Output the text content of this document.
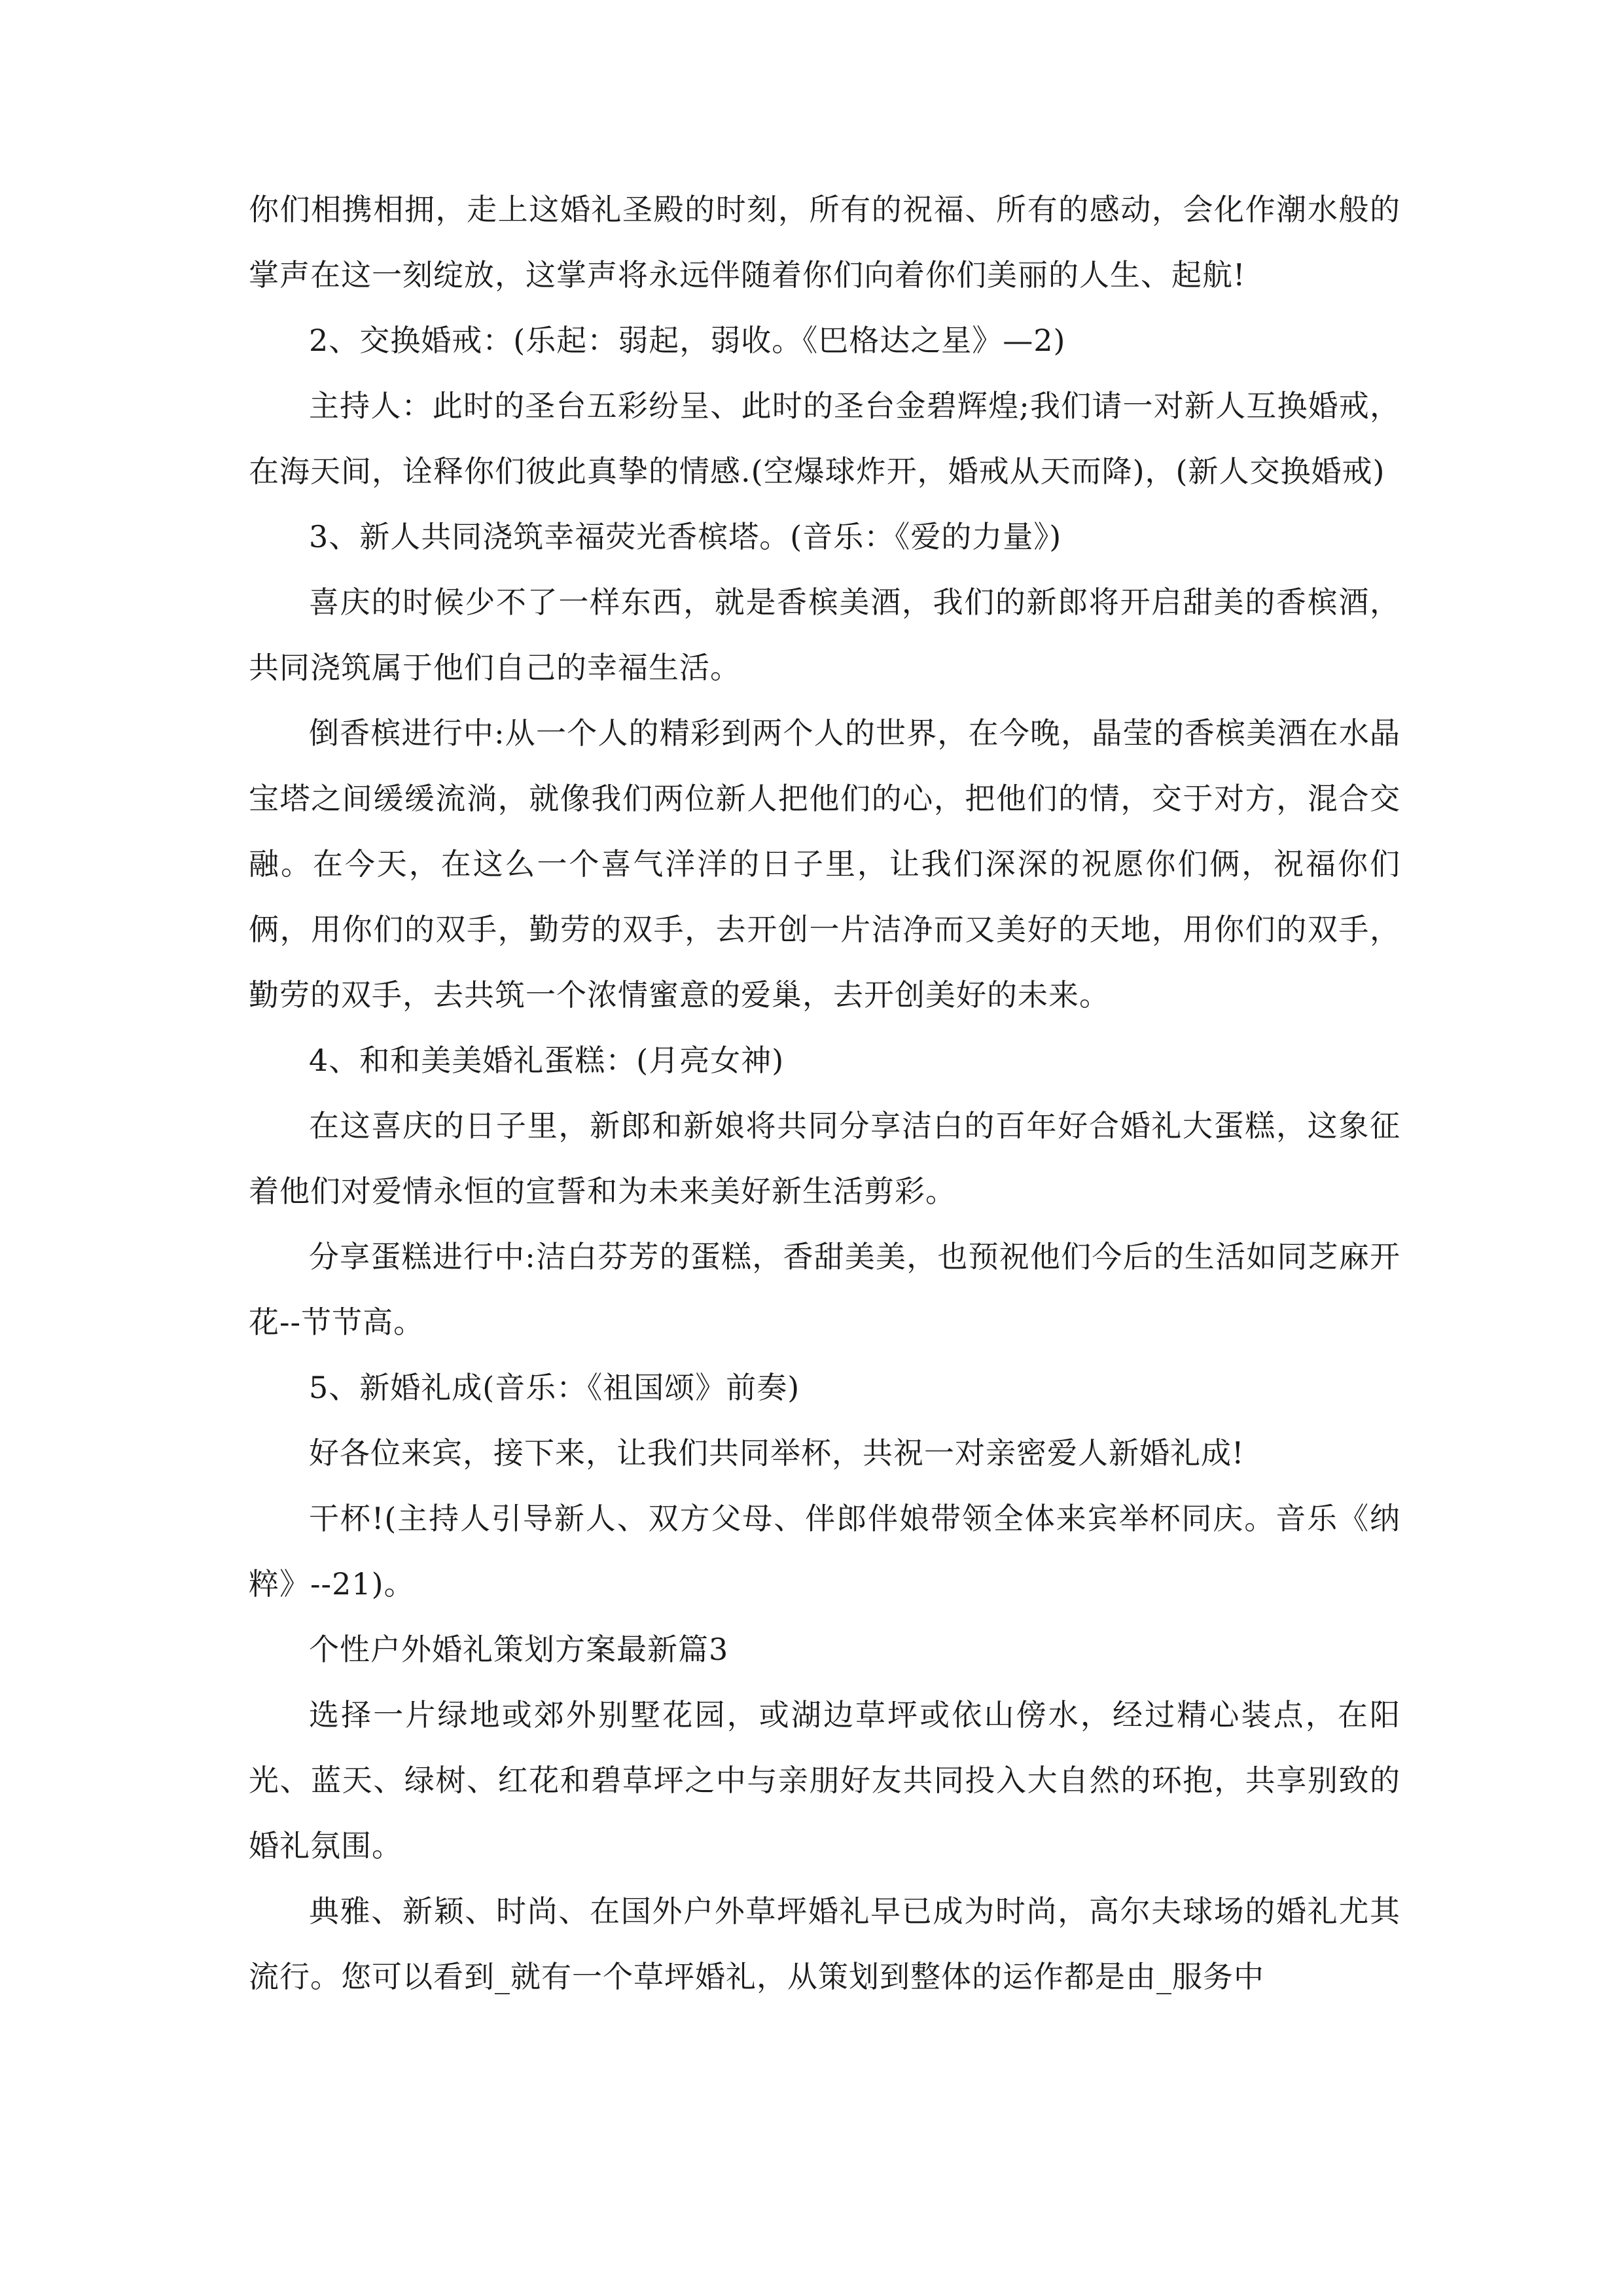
你们相携相拥，走上这婚礼圣殿的时刻，所有的祝福、所有的感动，会化作潮水般的掌声在这一刻绽放，这掌声将永远伴随着你们向着你们美丽的人生、起航!

2、交换婚戒：(乐起：弱起，弱收。《巴格达之星》—2)

主持人：此时的圣台五彩纷呈、此时的圣台金碧辉煌;我们请一对新人互换婚戒，在海天间，诠释你们彼此真挚的情感.(空爆球炸开，婚戒从天而降)，(新人交换婚戒)

3、新人共同浇筑幸福荧光香槟塔。(音乐：《爱的力量》)

喜庆的时候少不了一样东西，就是香槟美酒，我们的新郎将开启甜美的香槟酒，共同浇筑属于他们自己的幸福生活。

倒香槟进行中:从一个人的精彩到两个人的世界，在今晚，晶莹的香槟美酒在水晶宝塔之间缓缓流淌，就像我们两位新人把他们的心，把他们的情，交于对方，混合交融。在今天，在这么一个喜气洋洋的日子里，让我们深深的祝愿你们俩，祝福你们俩，用你们的双手，勤劳的双手，去开创一片洁净而又美好的天地，用你们的双手，勤劳的双手，去共筑一个浓情蜜意的爱巢，去开创美好的未来。

4、和和美美婚礼蛋糕：(月亮女神)

在这喜庆的日子里，新郎和新娘将共同分享洁白的百年好合婚礼大蛋糕，这象征着他们对爱情永恒的宣誓和为未来美好新生活剪彩。

分享蛋糕进行中:洁白芬芳的蛋糕，香甜美美，也预祝他们今后的生活如同芝麻开花--节节高。

5、新婚礼成(音乐：《祖国颂》前奏)

好各位来宾，接下来，让我们共同举杯，共祝一对亲密爱人新婚礼成!

干杯!(主持人引导新人、双方父母、伴郎伴娘带领全体来宾举杯同庆。音乐《纳粹》--21)。

个性户外婚礼策划方案最新篇3

选择一片绿地或郊外别墅花园，或湖边草坪或依山傍水，经过精心装点，在阳光、蓝天、绿树、红花和碧草坪之中与亲朋好友共同投入大自然的环抱，共享别致的婚礼氛围。

典雅、新颖、时尚、在国外户外草坪婚礼早已成为时尚，高尔夫球场的婚礼尤其流行。您可以看到_就有一个草坪婚礼，从策划到整体的运作都是由_服务中
